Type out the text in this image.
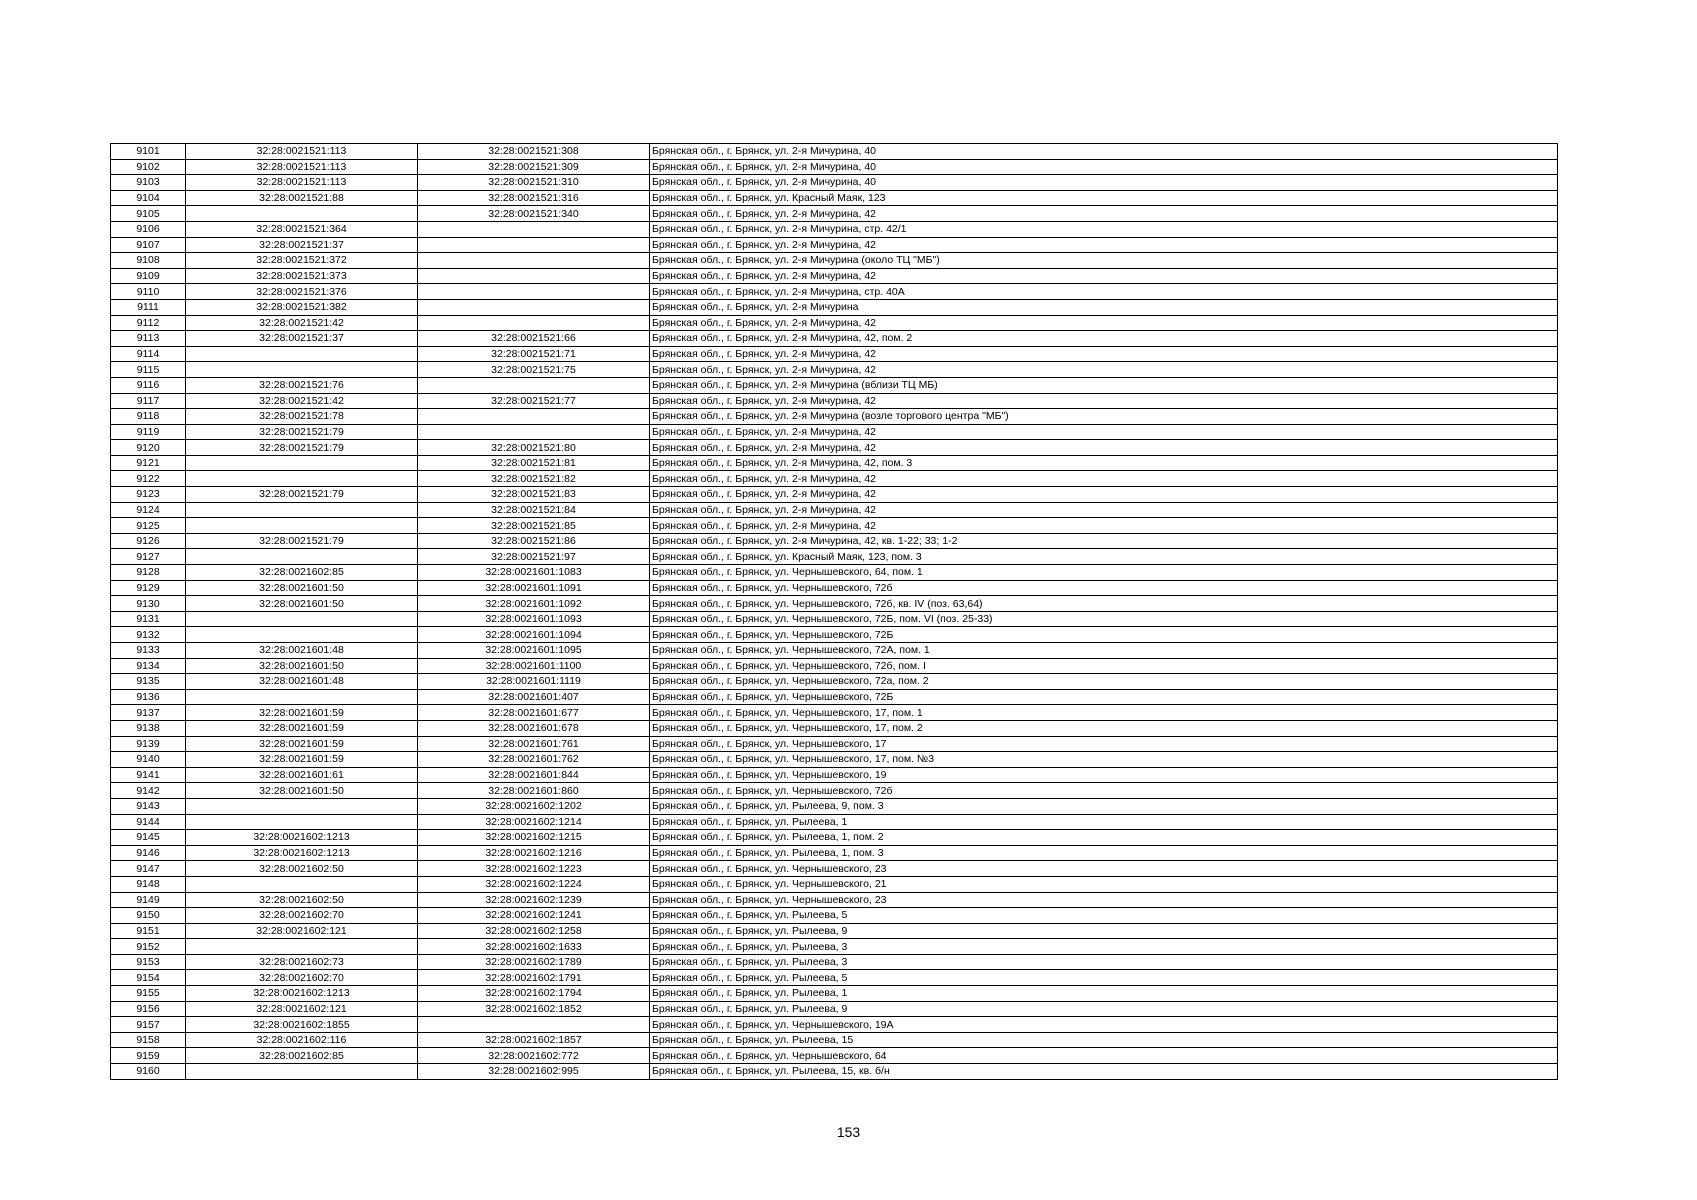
9101	32:28:0021521:113	32:28:0021521:308	Брянская обл., г. Брянск, ул. 2-я Мичурина, 40
9102	32:28:0021521:113	32:28:0021521:309	Брянская обл., г. Брянск, ул. 2-я Мичурина, 40
9103	32:28:0021521:113	32:28:0021521:310	Брянская обл., г. Брянск, ул. 2-я Мичурина, 40
9104	32:28:0021521:88	32:28:0021521:316	Брянская обл., г. Брянск, ул. Красный Маяк, 123
9105		32:28:0021521:340	Брянская обл., г. Брянск, ул. 2-я Мичурина, 42
9106	32:28:0021521:364		Брянская обл., г. Брянск, ул. 2-я Мичурина, стр. 42/1
9107	32:28:0021521:37		Брянская обл., г. Брянск, ул. 2-я Мичурина, 42
9108	32:28:0021521:372		Брянская обл., г. Брянск, ул. 2-я Мичурина (около ТЦ "МБ")
9109	32:28:0021521:373		Брянская обл., г. Брянск, ул. 2-я Мичурина, 42
9110	32:28:0021521:376		Брянская обл., г. Брянск, ул. 2-я Мичурина, стр. 40А
9111	32:28:0021521:382		Брянская обл., г. Брянск, ул. 2-я Мичурина
9112	32:28:0021521:42		Брянская обл., г. Брянск, ул. 2-я Мичурина, 42
9113	32:28:0021521:37	32:28:0021521:66	Брянская обл., г. Брянск, ул. 2-я Мичурина, 42, пом. 2
9114		32:28:0021521:71	Брянская обл., г. Брянск, ул. 2-я Мичурина, 42
9115		32:28:0021521:75	Брянская обл., г. Брянск, ул. 2-я Мичурина, 42
9116	32:28:0021521:76		Брянская обл., г. Брянск, ул. 2-я Мичурина (вблизи ТЦ МБ)
9117	32:28:0021521:42	32:28:0021521:77	Брянская обл., г. Брянск, ул. 2-я Мичурина, 42
9118	32:28:0021521:78		Брянская обл., г. Брянск, ул. 2-я Мичурина (возле торгового центра "МБ")
9119	32:28:0021521:79		Брянская обл., г. Брянск, ул. 2-я Мичурина, 42
9120	32:28:0021521:79	32:28:0021521:80	Брянская обл., г. Брянск, ул. 2-я Мичурина, 42
9121		32:28:0021521:81	Брянская обл., г. Брянск, ул. 2-я Мичурина, 42, пом. 3
9122		32:28:0021521:82	Брянская обл., г. Брянск, ул. 2-я Мичурина, 42
9123	32:28:0021521:79	32:28:0021521:83	Брянская обл., г. Брянск, ул. 2-я Мичурина, 42
9124		32:28:0021521:84	Брянская обл., г. Брянск, ул. 2-я Мичурина, 42
9125		32:28:0021521:85	Брянская обл., г. Брянск, ул. 2-я Мичурина, 42
9126	32:28:0021521:79	32:28:0021521:86	Брянская обл., г. Брянск, ул. 2-я Мичурина, 42, кв. 1-22; 33; 1-2
9127		32:28:0021521:97	Брянская обл., г. Брянск, ул. Красный Маяк, 123, пом. 3
9128	32:28:0021602:85	32:28:0021601:1083	Брянская обл., г. Брянск, ул. Чернышевского, 64, пом. 1
9129	32:28:0021601:50	32:28:0021601:1091	Брянская обл., г. Брянск, ул. Чернышевского, 72б
9130	32:28:0021601:50	32:28:0021601:1092	Брянская обл., г. Брянск, ул. Чернышевского, 72б, кв. IV (поз. 63,64)
9131		32:28:0021601:1093	Брянская обл., г. Брянск, ул. Чернышевского, 72Б, пом. VI (поз. 25-33)
9132		32:28:0021601:1094	Брянская обл., г. Брянск, ул. Чернышевского, 72Б
9133	32:28:0021601:48	32:28:0021601:1095	Брянская обл., г. Брянск, ул. Чернышевского, 72А, пом. 1
9134	32:28:0021601:50	32:28:0021601:1100	Брянская обл., г. Брянск, ул. Чернышевского, 72б, пом. I
9135	32:28:0021601:48	32:28:0021601:1119	Брянская обл., г. Брянск, ул. Чернышевского, 72а, пом. 2
9136		32:28:0021601:407	Брянская обл., г. Брянск, ул. Чернышевского, 72Б
9137	32:28:0021601:59	32:28:0021601:677	Брянская обл., г. Брянск, ул. Чернышевского, 17, пом. 1
9138	32:28:0021601:59	32:28:0021601:678	Брянская обл., г. Брянск, ул. Чернышевского, 17, пом. 2
9139	32:28:0021601:59	32:28:0021601:761	Брянская обл., г. Брянск, ул. Чернышевского, 17
9140	32:28:0021601:59	32:28:0021601:762	Брянская обл., г. Брянск, ул. Чернышевского, 17, пом. №3
9141	32:28:0021601:61	32:28:0021601:844	Брянская обл., г. Брянск, ул. Чернышевского, 19
9142	32:28:0021601:50	32:28:0021601:860	Брянская обл., г. Брянск, ул. Чернышевского, 72б
9143		32:28:0021602:1202	Брянская обл., г. Брянск, ул. Рылеева, 9, пом. 3
9144		32:28:0021602:1214	Брянская обл., г. Брянск, ул. Рылеева, 1
9145	32:28:0021602:1213	32:28:0021602:1215	Брянская обл., г. Брянск, ул. Рылеева, 1, пом. 2
9146	32:28:0021602:1213	32:28:0021602:1216	Брянская обл., г. Брянск, ул. Рылеева, 1, пом. 3
9147	32:28:0021602:50	32:28:0021602:1223	Брянская обл., г. Брянск, ул. Чернышевского, 23
9148		32:28:0021602:1224	Брянская обл., г. Брянск, ул. Чернышевского, 21
9149	32:28:0021602:50	32:28:0021602:1239	Брянская обл., г. Брянск, ул. Чернышевского, 23
9150	32:28:0021602:70	32:28:0021602:1241	Брянская обл., г. Брянск, ул. Рылеева, 5
9151	32:28:0021602:121	32:28:0021602:1258	Брянская обл., г. Брянск, ул. Рылеева, 9
9152		32:28:0021602:1633	Брянская обл., г. Брянск, ул. Рылеева, 3
9153	32:28:0021602:73	32:28:0021602:1789	Брянская обл., г. Брянск, ул. Рылеева, 3
9154	32:28:0021602:70	32:28:0021602:1791	Брянская обл., г. Брянск, ул. Рылеева, 5
9155	32:28:0021602:1213	32:28:0021602:1794	Брянская обл., г. Брянск, ул. Рылеева, 1
9156	32:28:0021602:121	32:28:0021602:1852	Брянская обл., г. Брянск, ул. Рылеева, 9
9157	32:28:0021602:1855		Брянская обл., г. Брянск, ул. Чернышевского, 19А
9158	32:28:0021602:116	32:28:0021602:1857	Брянская обл., г. Брянск, ул. Рылеева, 15
9159	32:28:0021602:85	32:28:0021602:772	Брянская обл., г. Брянск, ул. Чернышевского, 64
9160		32:28:0021602:995	Брянская обл., г. Брянск, ул. Рылеева, 15, кв. б/н
153
